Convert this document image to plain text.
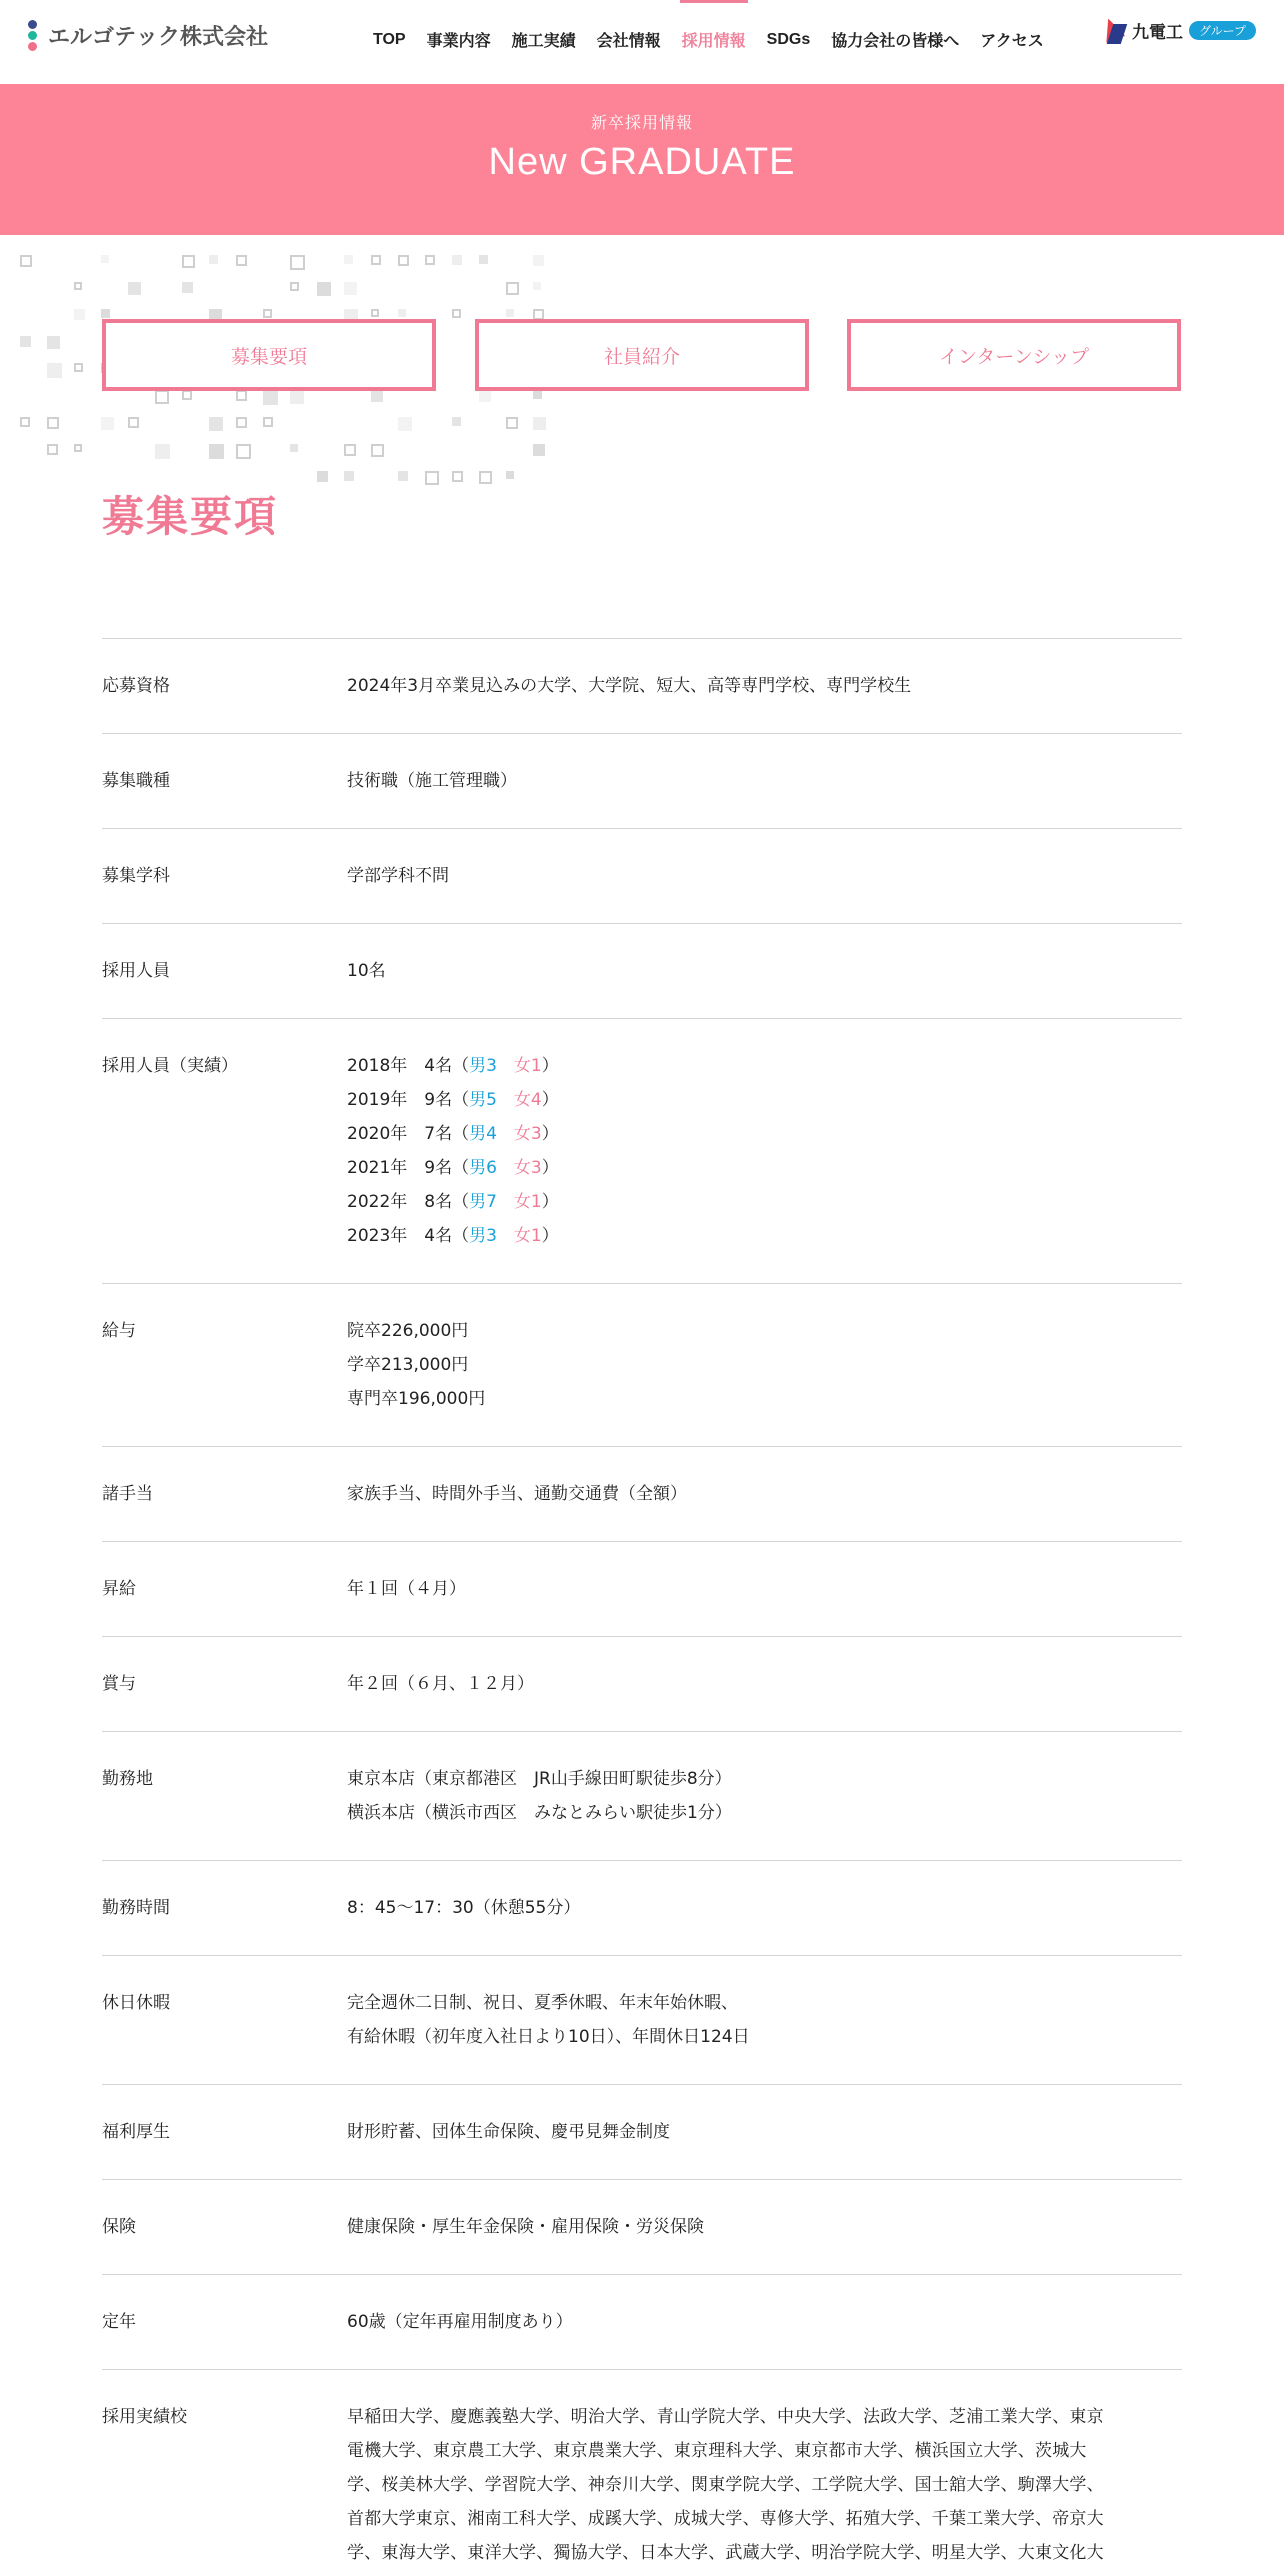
エルゴテック株式会社	TOP 事業内容 施工実績 会社情報 採用情報 SDGs 協力会社の皆様へ アクセス	九電工	グループ
新卒採用情報
New GRADUATE
募集要項	社員紹介	インターンシップ
募集要項
応募資格	2024年3月卒業見込みの大学、大学院、短大、高等専門学校、専門学校生
募集職種	技術職（施工管理職）
募集学科	学部学科不問
採用人員	10名
採用人員（実績）	2018年　 4名（男3　 女1）
2019年　 9名（男5　 女4）
2020年　 7名（男4　 女3）
2021年　 9名（男6　 女3）
2022年　 8名（男7　 女1）
2023年　 4名（男3　 女1）
給与	院卒226,000円
学卒213,000円
専門卒196,000円
諸手当	家族手当、時間外手当、通勤交通費（全額）
昇給	年１回（４月）
賞与	年２回（６月、１２月）
勤務地	東京本店（東京都港区　JR山手線田町駅徒歩8分）
横浜本店（横浜市西区　みなとみらい駅徒歩1分）
勤務時間	8：45〜17：30（休憩55分）
休日休暇	完全週休二日制、祝日、夏季休暇、年末年始休暇、
有給休暇（初年度入社日より10日）、年間休日124日
福利厚生	財形貯蓄、団体生命保険、慶弔見舞金制度
保険	健康保険・厚生年金保険・雇用保険・労災保険
定年	60歳（定年再雇用制度あり）
採用実績校	早稲田大学、慶應義塾大学、明治大学、青山学院大学、中央大学、法政大学、芝浦工業大学、東京
電機大学、東京農工大学、東京農業大学、東京理科大学、東京都市大学、横浜国立大学、茨城大
学、桜美林大学、学習院大学、神奈川大学、関東学院大学、工学院大学、国士舘大学、駒澤大学、
首都大学東京、湘南工科大学、成蹊大学、成城大学、専修大学、拓殖大学、千葉工業大学、帝京大
学、東海大学、東洋大学、獨協大学、日本大学、武蔵大学、明治学院大学、明星大学、大東文化大
